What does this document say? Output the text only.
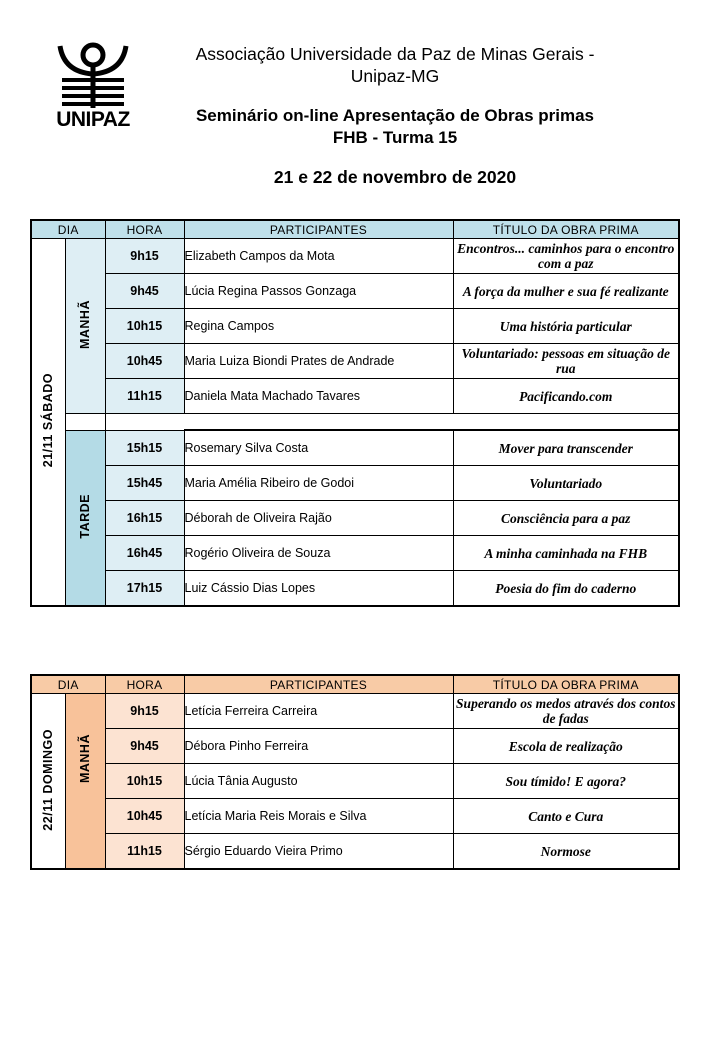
UNIPAZ
Associação Universidade da Paz de Minas Gerais -
Unipaz-MG
Seminário on-line Apresentação de Obras primas
FHB - Turma 15
21 e 22 de novembro de 2020
DIA		HORA	PARTICIPANTES	TÍTULO DA OBRA PRIMA
21/11 SÁBADO	MANHÃ	9h15	Elizabeth Campos da Mota	Encontros... caminhos para o encontro com a paz
		9h45	Lúcia Regina Passos Gonzaga	A força da mulher e sua fé realizante
		10h15	Regina Campos	Uma história particular
		10h45	Maria Luiza Biondi Prates de Andrade	Voluntariado: pessoas em situação de rua
		11h15	Daniela Mata Machado Tavares	Pacificando.com

	TARDE	15h15	Rosemary Silva Costa	Mover para transcender
		15h45	Maria Amélia Ribeiro de Godoi	Voluntariado
		16h15	Déborah de Oliveira Rajão	Consciência para a paz
		16h45	Rogério Oliveira de Souza	A minha caminhada na FHB
		17h15	Luiz Cássio Dias Lopes	Poesia do fim do caderno
DIA		HORA	PARTICIPANTES	TÍTULO DA OBRA PRIMA
22/11 DOMINGO	MANHÃ	9h15	Letícia Ferreira Carreira	Superando os medos através dos contos de fadas
		9h45	Débora Pinho Ferreira	Escola de realização
		10h15	Lúcia Tânia Augusto	Sou tímido! E agora?
		10h45	Letícia Maria Reis Morais e Silva	Canto e Cura
		11h15	Sérgio Eduardo Vieira Primo	Normose
